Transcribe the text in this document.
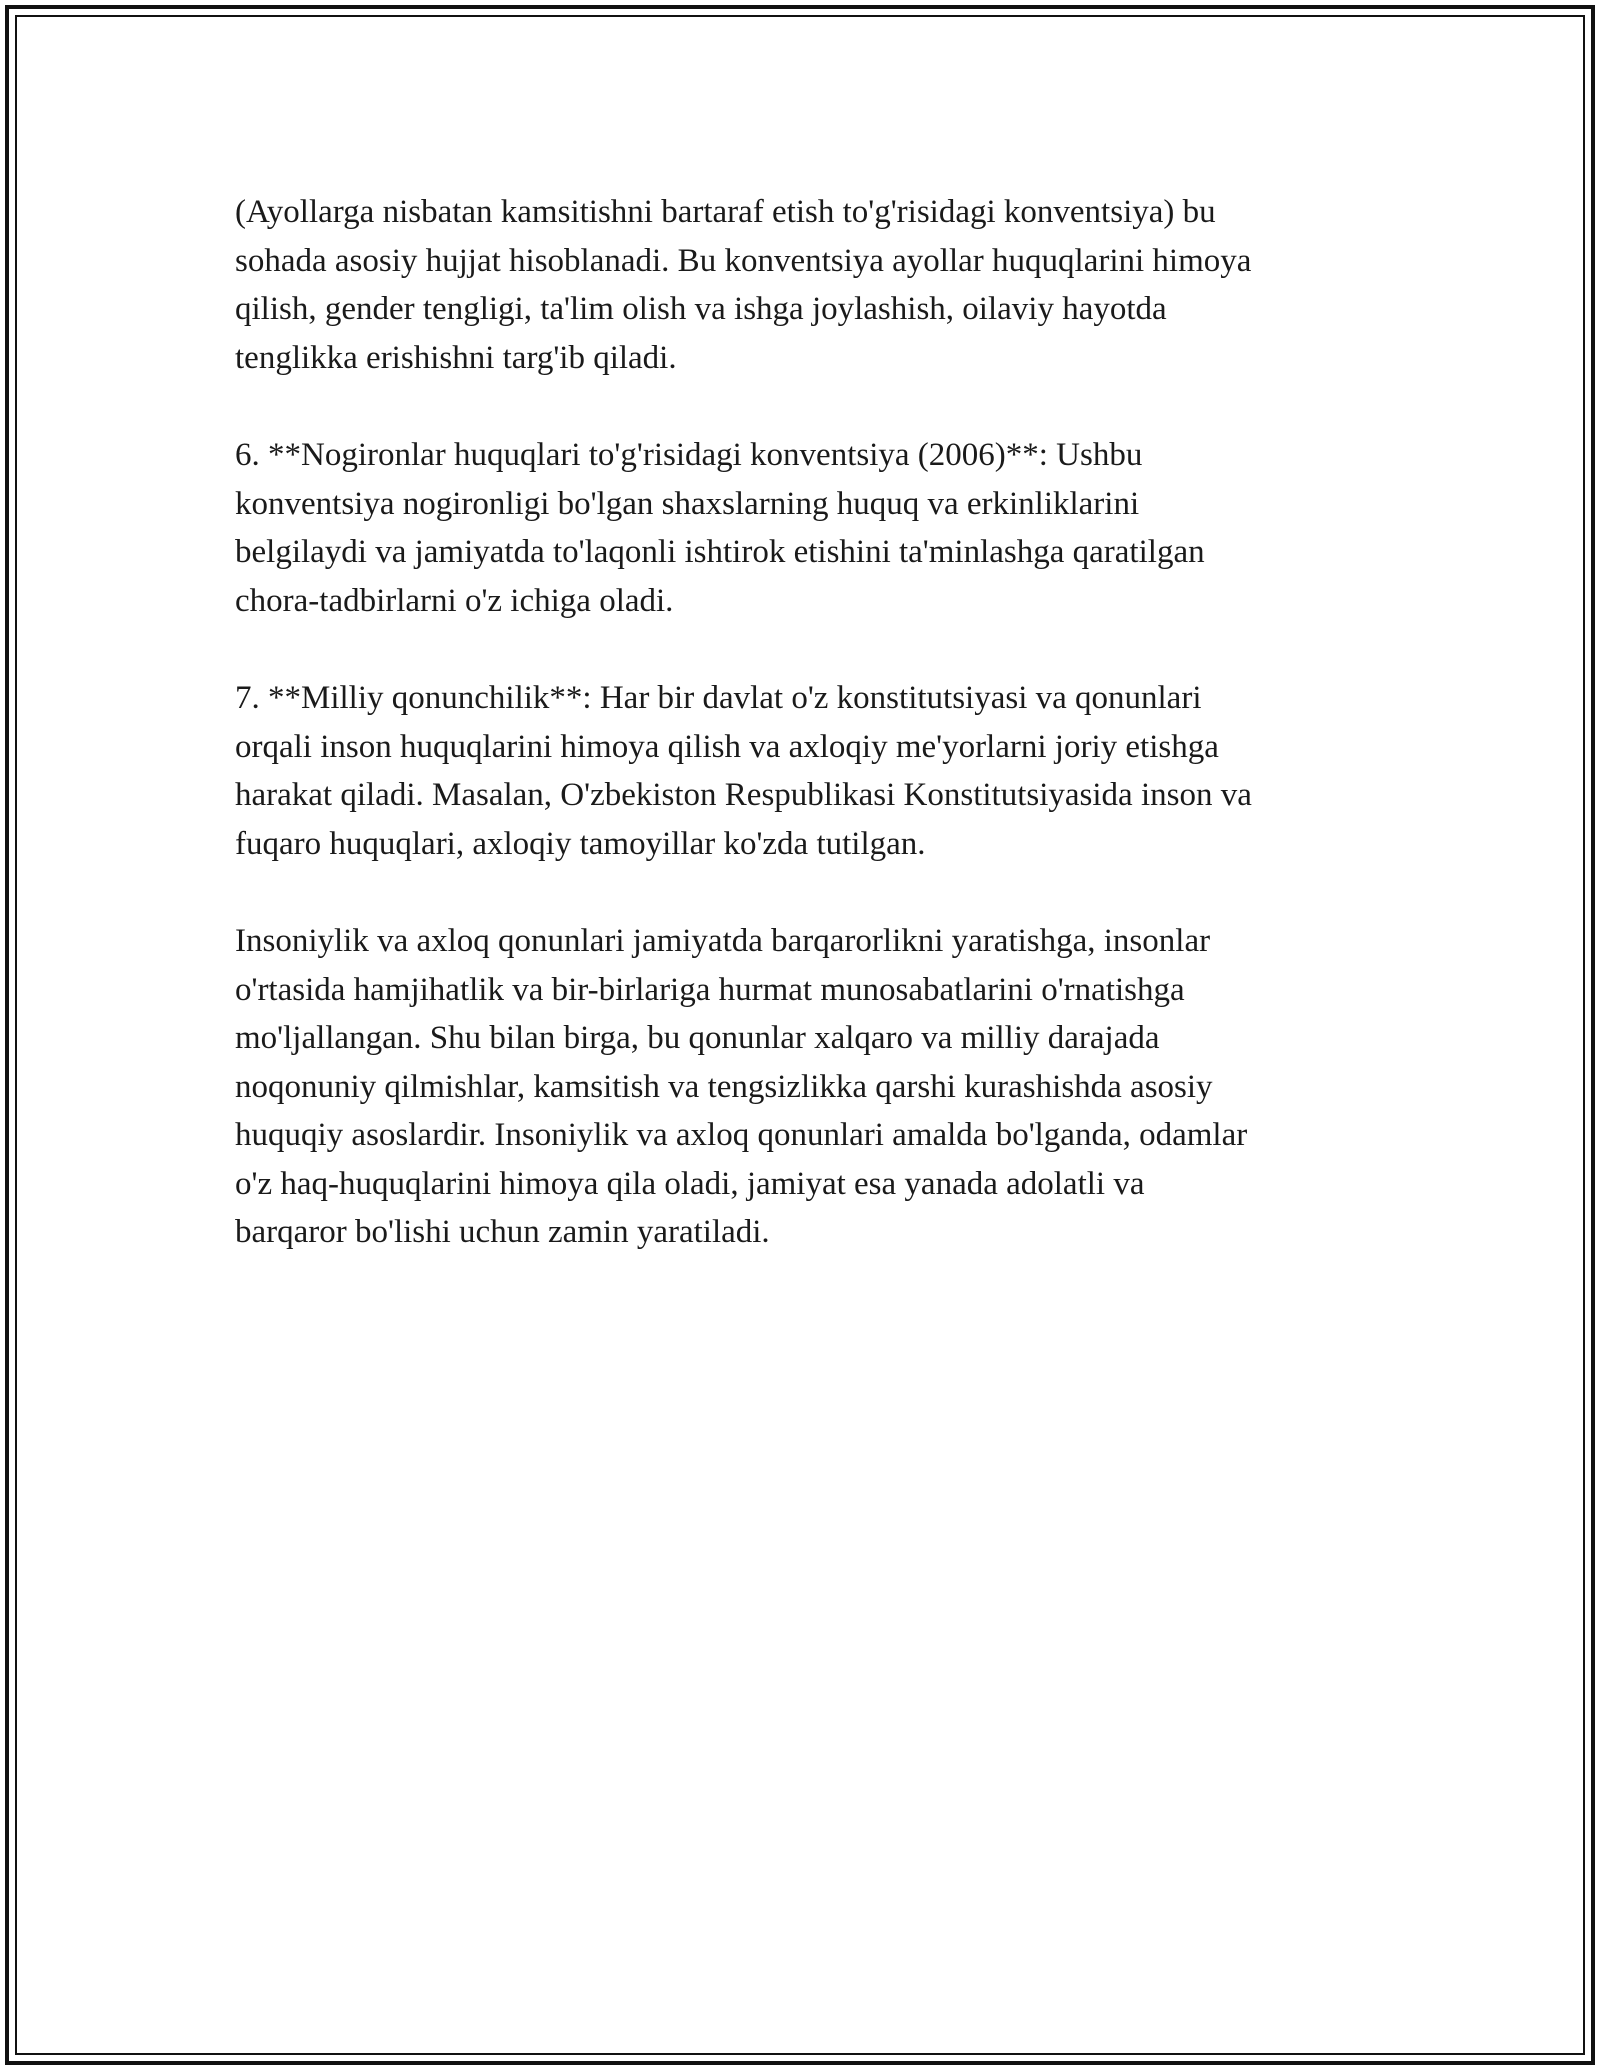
(Ayollarga nisbatan kamsitishni bartaraf etish to'g'risidagi konventsiya) bu
sohada asosiy hujjat hisoblanadi. Bu konventsiya ayollar huquqlarini himoya
qilish, gender tengligi, ta'lim olish va ishga joylashish, oilaviy hayotda
tenglikka erishishni targ'ib qiladi.

6. **Nogironlar huquqlari to'g'risidagi konventsiya (2006)**: Ushbu
konventsiya nogironligi bo'lgan shaxslarning huquq va erkinliklarini
belgilaydi va jamiyatda to'laqonli ishtirok etishini ta'minlashga qaratilgan
chora-tadbirlarni o'z ichiga oladi.

7. **Milliy qonunchilik**: Har bir davlat o'z konstitutsiyasi va qonunlari
orqali inson huquqlarini himoya qilish va axloqiy me'yorlarni joriy etishga
harakat qiladi. Masalan, O'zbekiston Respublikasi Konstitutsiyasida inson va
fuqaro huquqlari, axloqiy tamoyillar ko'zda tutilgan.

Insoniylik va axloq qonunlari jamiyatda barqarorlikni yaratishga, insonlar
o'rtasida hamjihatlik va bir-birlariga hurmat munosabatlarini o'rnatishga
mo'ljallangan. Shu bilan birga, bu qonunlar xalqaro va milliy darajada
noqonuniy qilmishlar, kamsitish va tengsizlikka qarshi kurashishda asosiy
huquqiy asoslardir. Insoniylik va axloq qonunlari amalda bo'lganda, odamlar
o'z haq-huquqlarini himoya qila oladi, jamiyat esa yanada adolatli va
barqaror bo'lishi uchun zamin yaratiladi.
